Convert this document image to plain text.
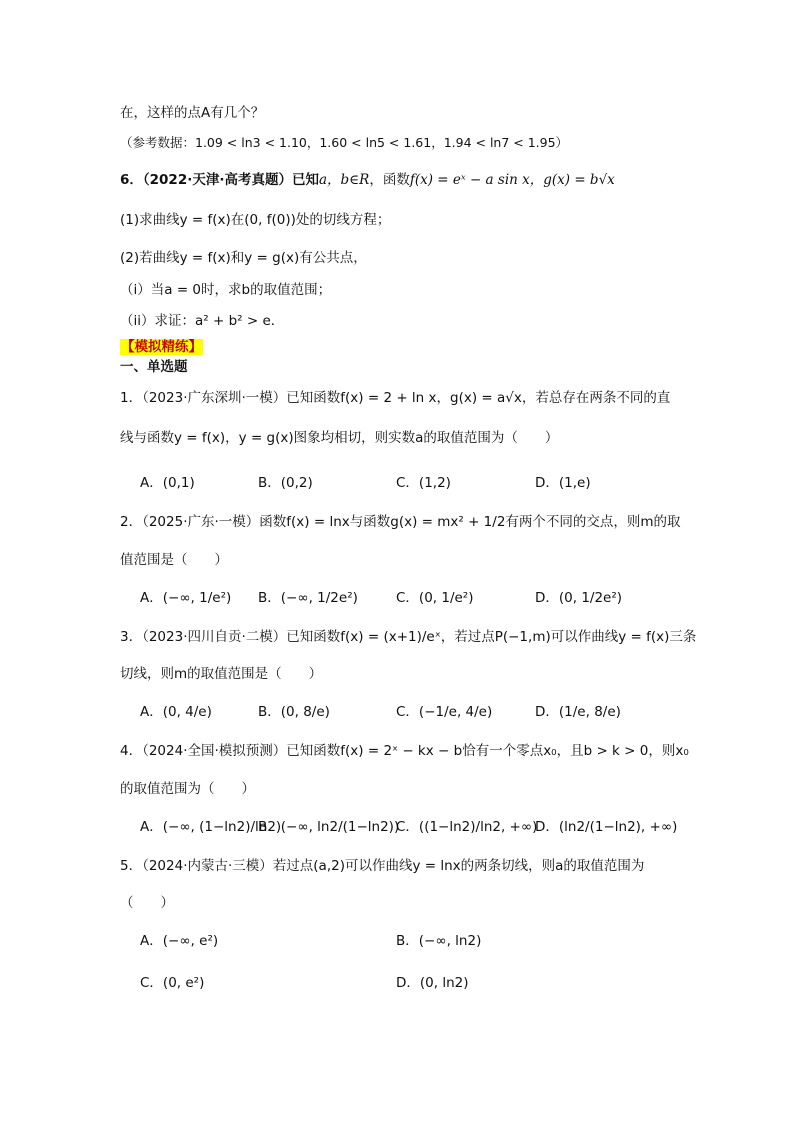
在，这样的点A有几个？
（参考数据：1.09 < ln3 < 1.10，1.60 < ln5 < 1.61，1.94 < ln7 < 1.95）
6．（2022·天津·高考真题）已知a，b∈R，函数f(x) = eˣ − a sin x，g(x) = b√x
(1)求曲线y = f(x)在(0, f(0))处的切线方程；
(2)若曲线y = f(x)和y = g(x)有公共点，
（i）当a = 0时，求b的取值范围；
（ii）求证：a² + b² > e．
【模拟精练】
一、单选题
1．（2023·广东深圳·一模）已知函数f(x) = 2 + ln x，g(x) = a√x，若总存在两条不同的直
线与函数y = f(x)，y = g(x)图象均相切，则实数a的取值范围为（　　）
A．(0,1)	B．(0,2)	C．(1,2)	D．(1,e)
2．（2025·广东·一模）函数f(x) = lnx与函数g(x) = mx² + 1/2有两个不同的交点，则m的取
值范围是（　　）
A．(−∞, 1/e²) B．(−∞, 1/2e²)	C．(0, 1/e²)	D．(0, 1/2e²)
3．（2023·四川自贡·二模）已知函数f(x) = (x+1)/eˣ，若过点P(−1,m)可以作曲线y = f(x)三条
切线，则m的取值范围是（　　）
A．(0, 4/e)	B．(0, 8/e)	C．(−1/e, 4/e)	D．(1/e, 8/e)
4．（2024·全国·模拟预测）已知函数f(x) = 2ˣ − kx − b恰有一个零点x₀，且b > k > 0，则x₀
的取值范围为（　　）
A．(−∞, (1−ln2)/ln2)
B．(−∞, ln2/(1−ln2))
C．((1−ln2)/ln2, +∞)
D．(ln2/(1−ln2), +∞)
5．（2024·内蒙古·三模）若过点(a,2)可以作曲线y = lnx的两条切线，则a的取值范围为
（　　）
A．(−∞, e²)	B．(−∞, ln2)
C．(0, e²)	D．(0, ln2)
